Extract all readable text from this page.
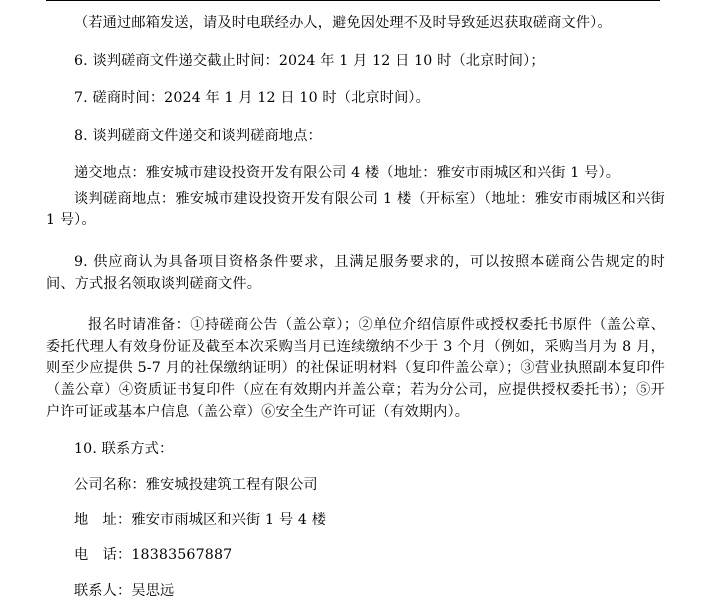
（若通过邮箱发送，请及时电联经办人，避免因处理不及时导致延迟获取磋商文件）。

6. 谈判磋商文件递交截止时间：2024 年 1 月 12 日 10 时（北京时间）；

7. 磋商时间：2024 年 1 月 12 日 10 时（北京时间）。

8. 谈判磋商文件递交和谈判磋商地点：

递交地点：雅安城市建设投资开发有限公司 4 楼（地址：雅安市雨城区和兴街 1 号）。

谈判磋商地点：雅安城市建设投资开发有限公司 1 楼（开标室）（地址：雅安市雨城区和兴街 1 号）。

9. 供应商认为具备项目资格条件要求，且满足服务要求的，可以按照本磋商公告规定的时间、方式报名领取谈判磋商文件。

报名时请准备：①持磋商公告（盖公章）；②单位介绍信原件或授权委托书原件（盖公章、委托代理人有效身份证及截至本次采购当月已连续缴纳不少于 3 个月（例如，采购当月为 8 月，则至少应提供 5-7 月的社保缴纳证明）的社保证明材料（复印件盖公章）；③营业执照副本复印件（盖公章）④资质证书复印件（应在有效期内并盖公章；若为分公司，应提供授权委托书）；⑤开户许可证或基本户信息（盖公章）⑥安全生产许可证（有效期内）。

10. 联系方式：

公司名称：雅安城投建筑工程有限公司

地　址：雅安市雨城区和兴街 1 号 4 楼

电　话：18383567887

联系人：吴思远
